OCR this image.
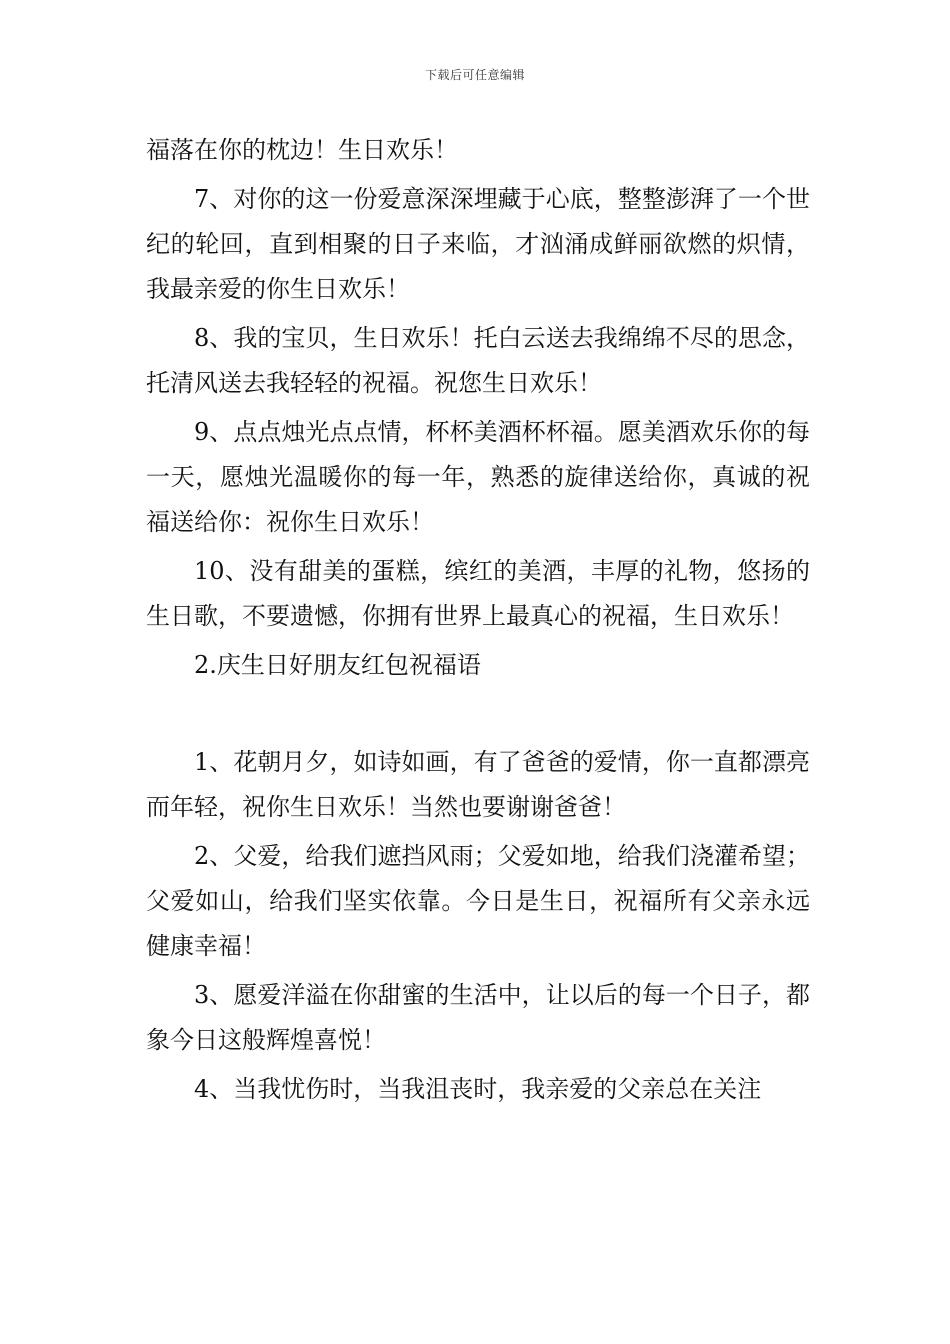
下载后可任意编辑

福落在你的枕边！生日欢乐！

7、对你的这一份爱意深深埋藏于心底，整整澎湃了一个世纪的轮回，直到相聚的日子来临，才汹涌成鲜丽欲燃的炽情，我最亲爱的你生日欢乐！

8、我的宝贝，生日欢乐！托白云送去我绵绵不尽的思念，托清风送去我轻轻的祝福。祝您生日欢乐！

9、点点烛光点点情，杯杯美酒杯杯福。愿美酒欢乐你的每一天，愿烛光温暖你的每一年，熟悉的旋律送给你，真诚的祝福送给你：祝你生日欢乐！

10、没有甜美的蛋糕，缤红的美酒，丰厚的礼物，悠扬的生日歌，不要遗憾，你拥有世界上最真心的祝福，生日欢乐！

2.庆生日好朋友红包祝福语

1、花朝月夕，如诗如画，有了爸爸的爱情，你一直都漂亮而年轻，祝你生日欢乐！当然也要谢谢爸爸！

2、父爱，给我们遮挡风雨；父爱如地，给我们浇灌希望；父爱如山，给我们坚实依靠。今日是生日，祝福所有父亲永远健康幸福！

3、愿爱洋溢在你甜蜜的生活中，让以后的每一个日子，都象今日这般辉煌喜悦！

4、当我忧伤时，当我沮丧时，我亲爱的父亲总在关注
